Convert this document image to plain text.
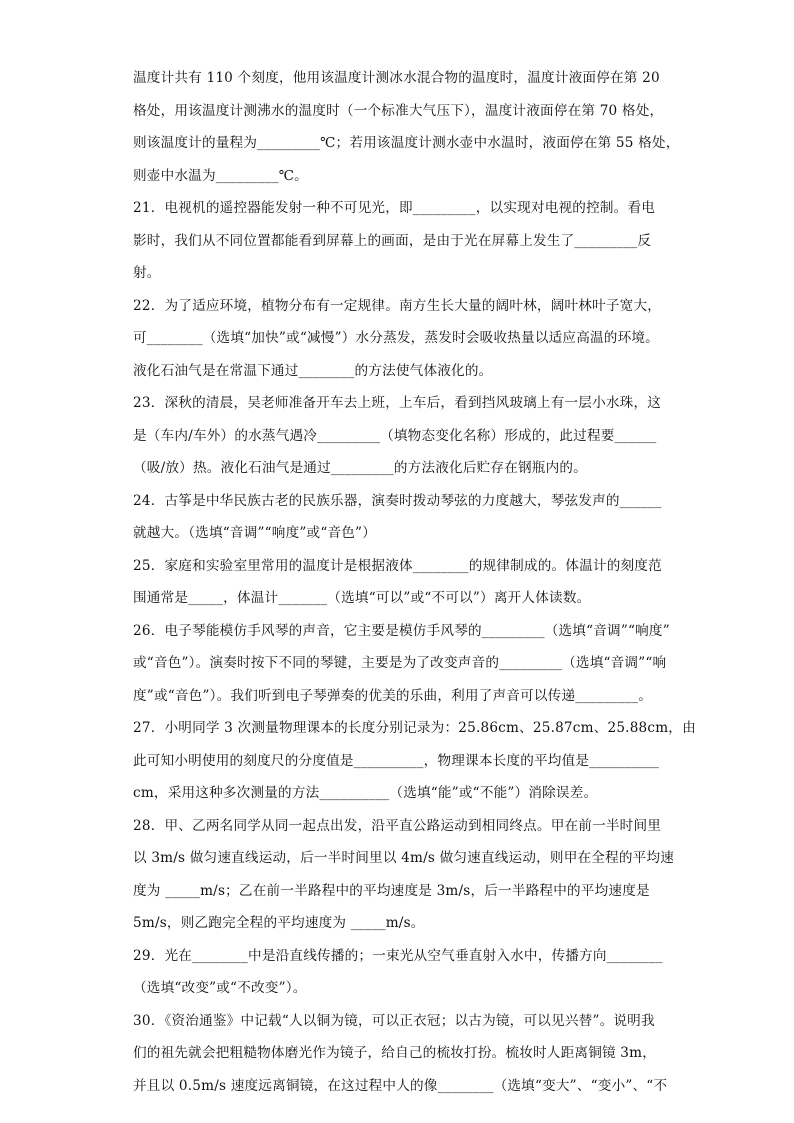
温度计共有 110 个刻度，他用该温度计测冰水混合物的温度时，温度计液面停在第 20
格处，用该温度计测沸水的温度时（一个标准大气压下），温度计液面停在第 70 格处，
则该温度计的量程为_________℃；若用该温度计测水壶中水温时，液面停在第 55 格处，
则壶中水温为_________℃。
21．电视机的遥控器能发射一种不可见光，即_________，以实现对电视的控制。看电
影时，我们从不同位置都能看到屏幕上的画面，是由于光在屏幕上发生了_________反
射。
22．为了适应环境，植物分布有一定规律。南方生长大量的阔叶林，阔叶林叶子宽大，
可________（选填“加快”或“减慢”）水分蒸发，蒸发时会吸收热量以适应高温的环境。
液化石油气是在常温下通过________的方法使气体液化的。
23．深秋的清晨，吴老师准备开车去上班，上车后，看到挡风玻璃上有一层小水珠，这
是（车内/车外）的水蒸气遇冷_________（填物态变化名称）形成的，此过程要______
（吸/放）热。液化石油气是通过_________的方法液化后贮存在钢瓶内的。
24．古筝是中华民族古老的民族乐器，演奏时拨动琴弦的力度越大，琴弦发声的______
就越大。（选填“音调”“响度”或“音色”）
25．家庭和实验室里常用的温度计是根据液体________的规律制成的。体温计的刻度范
围通常是_____，体温计_______（选填“可以”或“不可以”）离开人体读数。
26．电子琴能模仿手风琴的声音，它主要是模仿手风琴的_________（选填“音调”“响度”
或“音色”）。演奏时按下不同的琴键，主要是为了改变声音的_________（选填“音调”“响
度”或“音色”）。我们听到电子琴弹奏的优美的乐曲，利用了声音可以传递_________。
27．小明同学 3 次测量物理课本的长度分别记录为：25.86cm、25.87cm、25.88cm，由
此可知小明使用的刻度尺的分度值是__________，物理课本长度的平均值是__________
cm，采用这种多次测量的方法__________（选填“能”或“不能”）消除误差。
28．甲、乙两名同学从同一起点出发，沿平直公路运动到相同终点。甲在前一半时间里
以 3m/s 做匀速直线运动，后一半时间里以 4m/s 做匀速直线运动，则甲在全程的平均速
度为 _____m/s；乙在前一半路程中的平均速度是 3m/s，后一半路程中的平均速度是
5m/s，则乙跑完全程的平均速度为 _____m/s。
29．光在________中是沿直线传播的；一束光从空气垂直射入水中，传播方向________
（选填“改变”或“不改变”）。
30．《资治通鉴》中记载“人以铜为镜，可以正衣冠；以古为镜，可以见兴替”。说明我
们的祖先就会把粗糙物体磨光作为镜子，给自己的梳妆打扮。梳妆时人距离铜镜 3m，
并且以 0.5m/s 速度远离铜镜，在这过程中人的像________（选填“变大”、“变小”、“不
